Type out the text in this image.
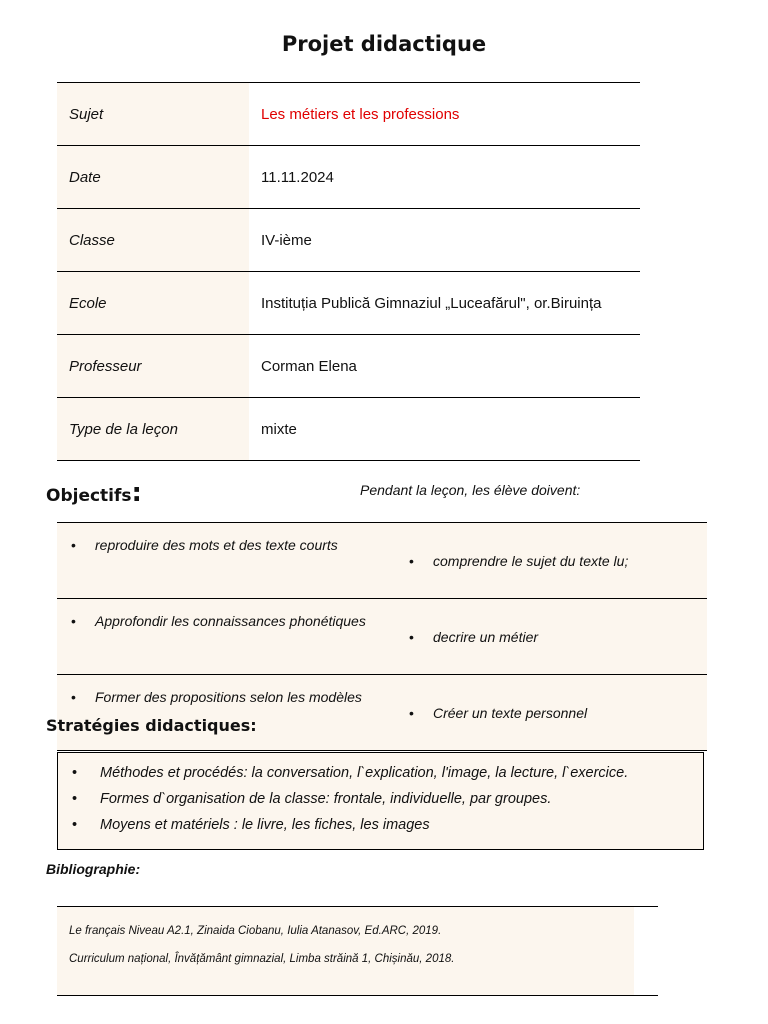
Projet didactique
Sujet	Les métiers et les professions
Date	11.11.2024
Classe	IV-ième
Ecole	Instituția Publică Gimnaziul „Luceafărul", or.Biruința
Professeur	Corman Elena
Type de la leçon	mixte
Objectifs:	Pendant la leçon, les élève doivent:
• reproduire des mots et des texte courts	• comprendre le sujet du texte lu;
• Approfondir les connaissances phonétiques	• decrire un métier
• Former des propositions selon les modèles	• Créer un texte personnel
Stratégies didactiques:
• Méthodes et procédés: la conversation, l`explication, l'image, la lecture, l`exercice.
• Formes d`organisation de la classe: frontale, individuelle, par groupes.
• Moyens et matériels : le livre, les fiches, les images
Bibliographie:
Le français Niveau A2.1, Zinaida Ciobanu, Iulia Atanasov, Ed.ARC, 2019.
Curriculum național, Învățământ gimnazial, Limba străină 1, Chișinău, 2018.
